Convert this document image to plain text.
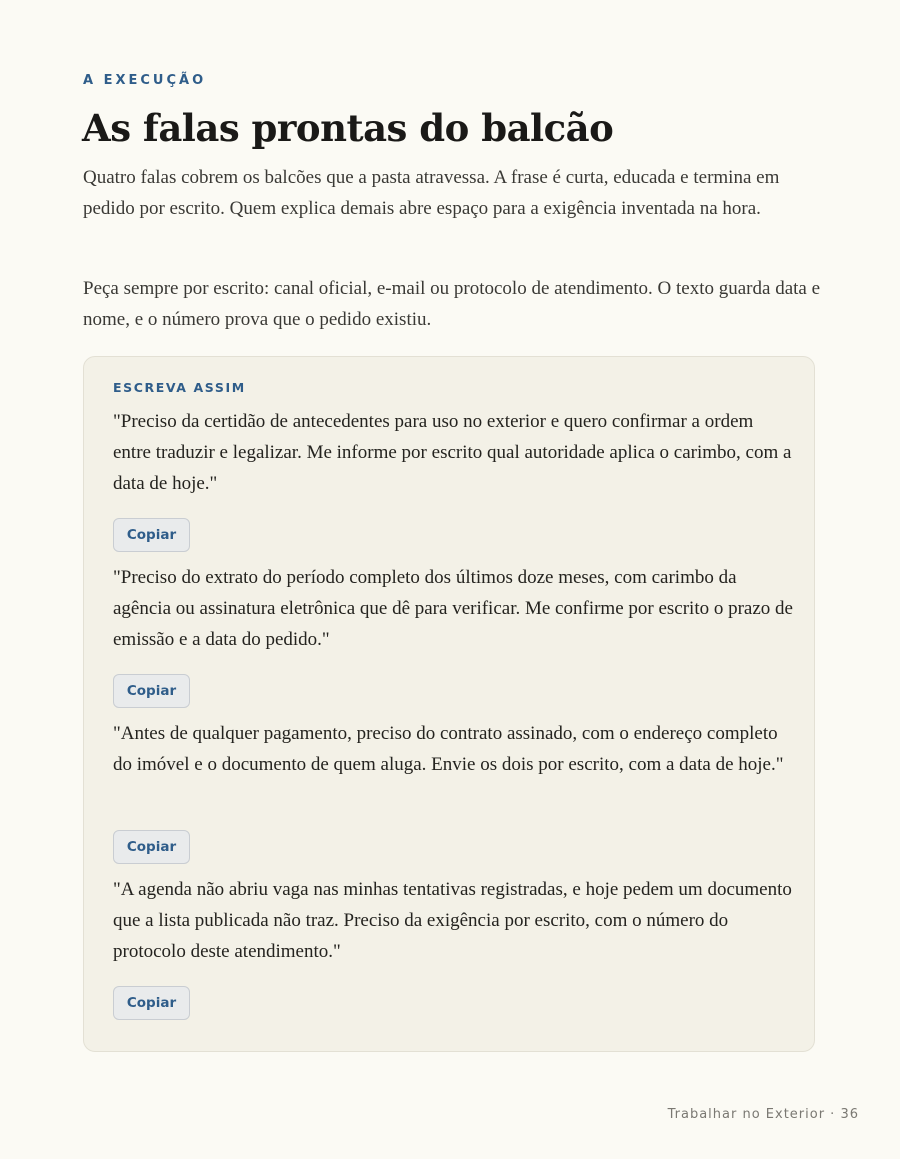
A EXECUÇÃO

As falas prontas do balcão

Quatro falas cobrem os balcões que a pasta atravessa. A frase é curta, educada e termina em pedido por escrito. Quem explica demais abre espaço para a exigência inventada na hora.

Peça sempre por escrito: canal oficial, e-mail ou protocolo de atendimento. O texto guarda data e nome, e o número prova que o pedido existiu.

ESCREVA ASSIM

"Preciso da certidão de antecedentes para uso no exterior e quero confirmar a ordem entre traduzir e legalizar. Me informe por escrito qual autoridade aplica o carimbo, com a data de hoje."

Copiar

"Preciso do extrato do período completo dos últimos doze meses, com carimbo da agência ou assinatura eletrônica que dê para verificar. Me confirme por escrito o prazo de emissão e a data do pedido."

Copiar

"Antes de qualquer pagamento, preciso do contrato assinado, com o endereço completo do imóvel e o documento de quem aluga. Envie os dois por escrito, com a data de hoje."

Copiar

"A agenda não abriu vaga nas minhas tentativas registradas, e hoje pedem um documento que a lista publicada não traz. Preciso da exigência por escrito, com o número do protocolo deste atendimento."

Copiar

Trabalhar no Exterior · 36
